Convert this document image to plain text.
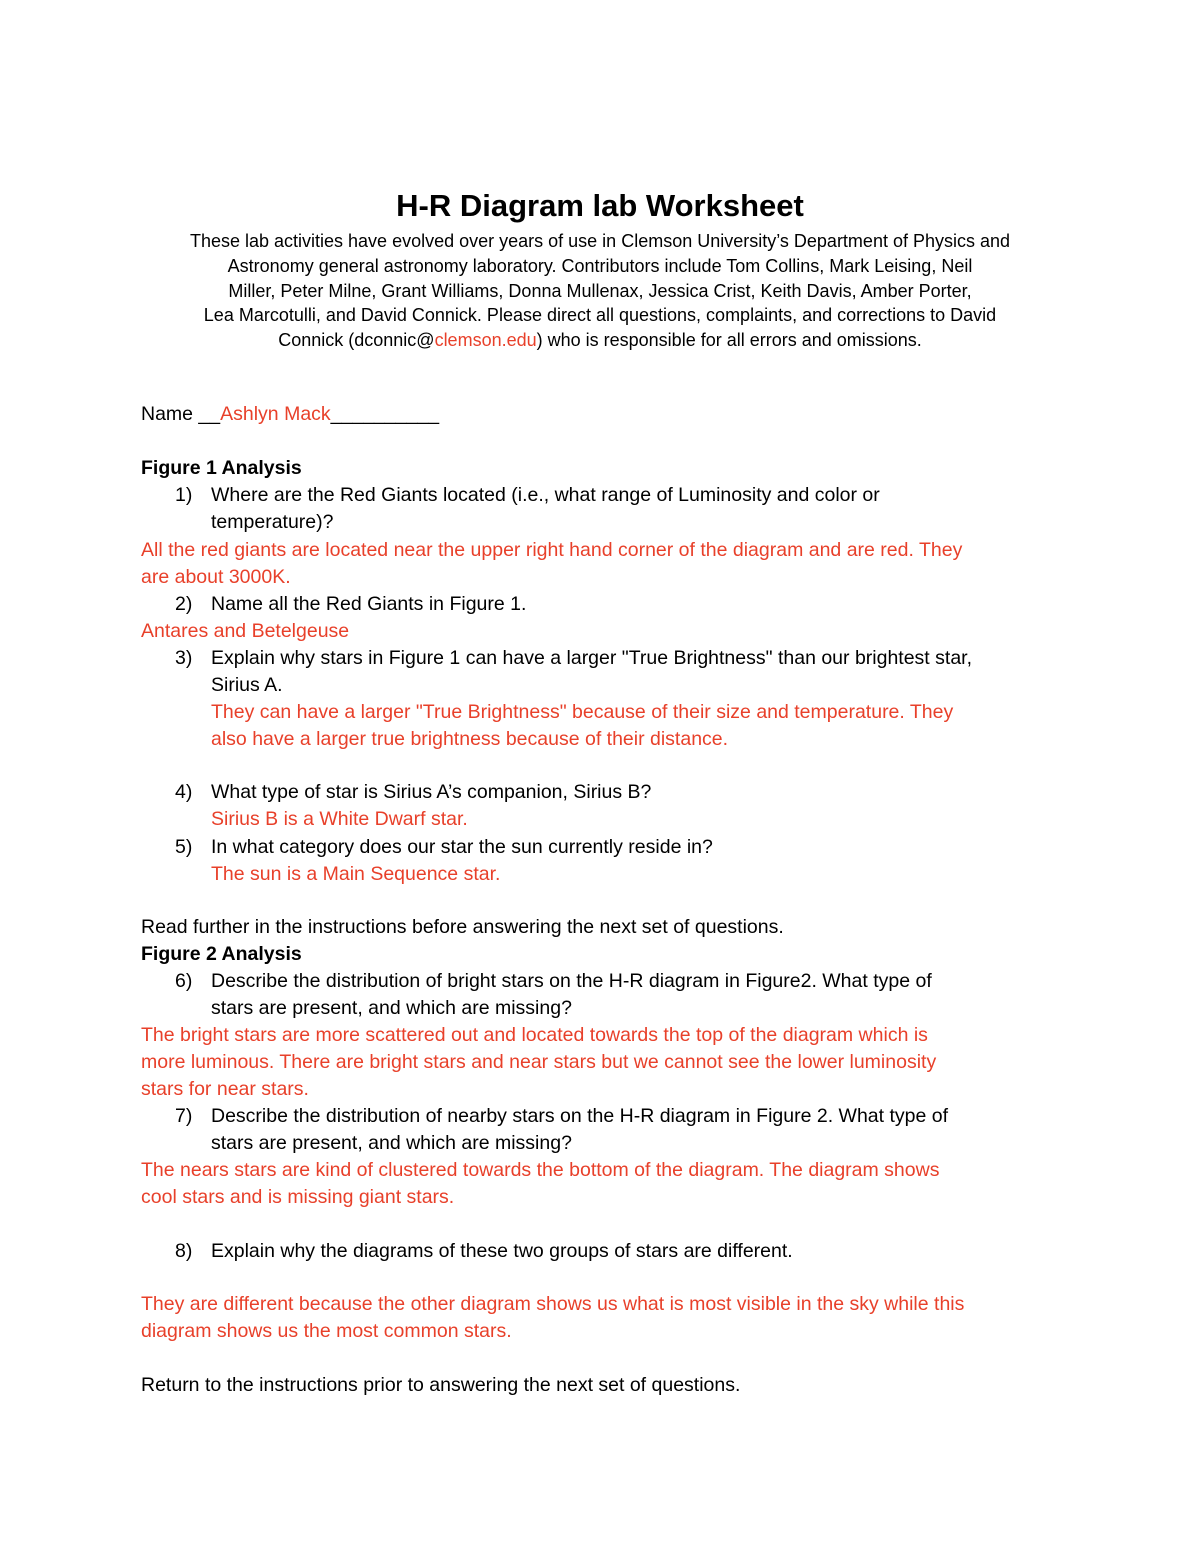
H-R Diagram lab Worksheet
These lab activities have evolved over years of use in Clemson University’s Department of Physics and
Astronomy general astronomy laboratory. Contributors include Tom Collins, Mark Leising, Neil
Miller, Peter Milne, Grant Williams, Donna Mullenax, Jessica Crist, Keith Davis, Amber Porter,
Lea Marcotulli, and David Connick. Please direct all questions, complaints, and corrections to David
Connick (dconnic@clemson.edu) who is responsible for all errors and omissions.
Name __Ashlyn Mack__________
Figure 1 Analysis
1) Where are the Red Giants located (i.e., what range of Luminosity and color or
temperature)?
All the red giants are located near the upper right hand corner of the diagram and are red. They
are about 3000K.
2) Name all the Red Giants in Figure 1.
Antares and Betelgeuse
3) Explain why stars in Figure 1 can have a larger "True Brightness" than our brightest star,
Sirius A.
They can have a larger "True Brightness" because of their size and temperature. They
also have a larger true brightness because of their distance.
4) What type of star is Sirius A’s companion, Sirius B?
Sirius B is a White Dwarf star.
5) In what category does our star the sun currently reside in?
The sun is a Main Sequence star.
Read further in the instructions before answering the next set of questions.
Figure 2 Analysis
6) Describe the distribution of bright stars on the H-R diagram in Figure2. What type of
stars are present, and which are missing?
The bright stars are more scattered out and located towards the top of the diagram which is
more luminous. There are bright stars and near stars but we cannot see the lower luminosity
stars for near stars.
7) Describe the distribution of nearby stars on the H-R diagram in Figure 2. What type of
stars are present, and which are missing?
The nears stars are kind of clustered towards the bottom of the diagram. The diagram shows
cool stars and is missing giant stars.
8) Explain why the diagrams of these two groups of stars are different.
They are different because the other diagram shows us what is most visible in the sky while this
diagram shows us the most common stars.
Return to the instructions prior to answering the next set of questions.
